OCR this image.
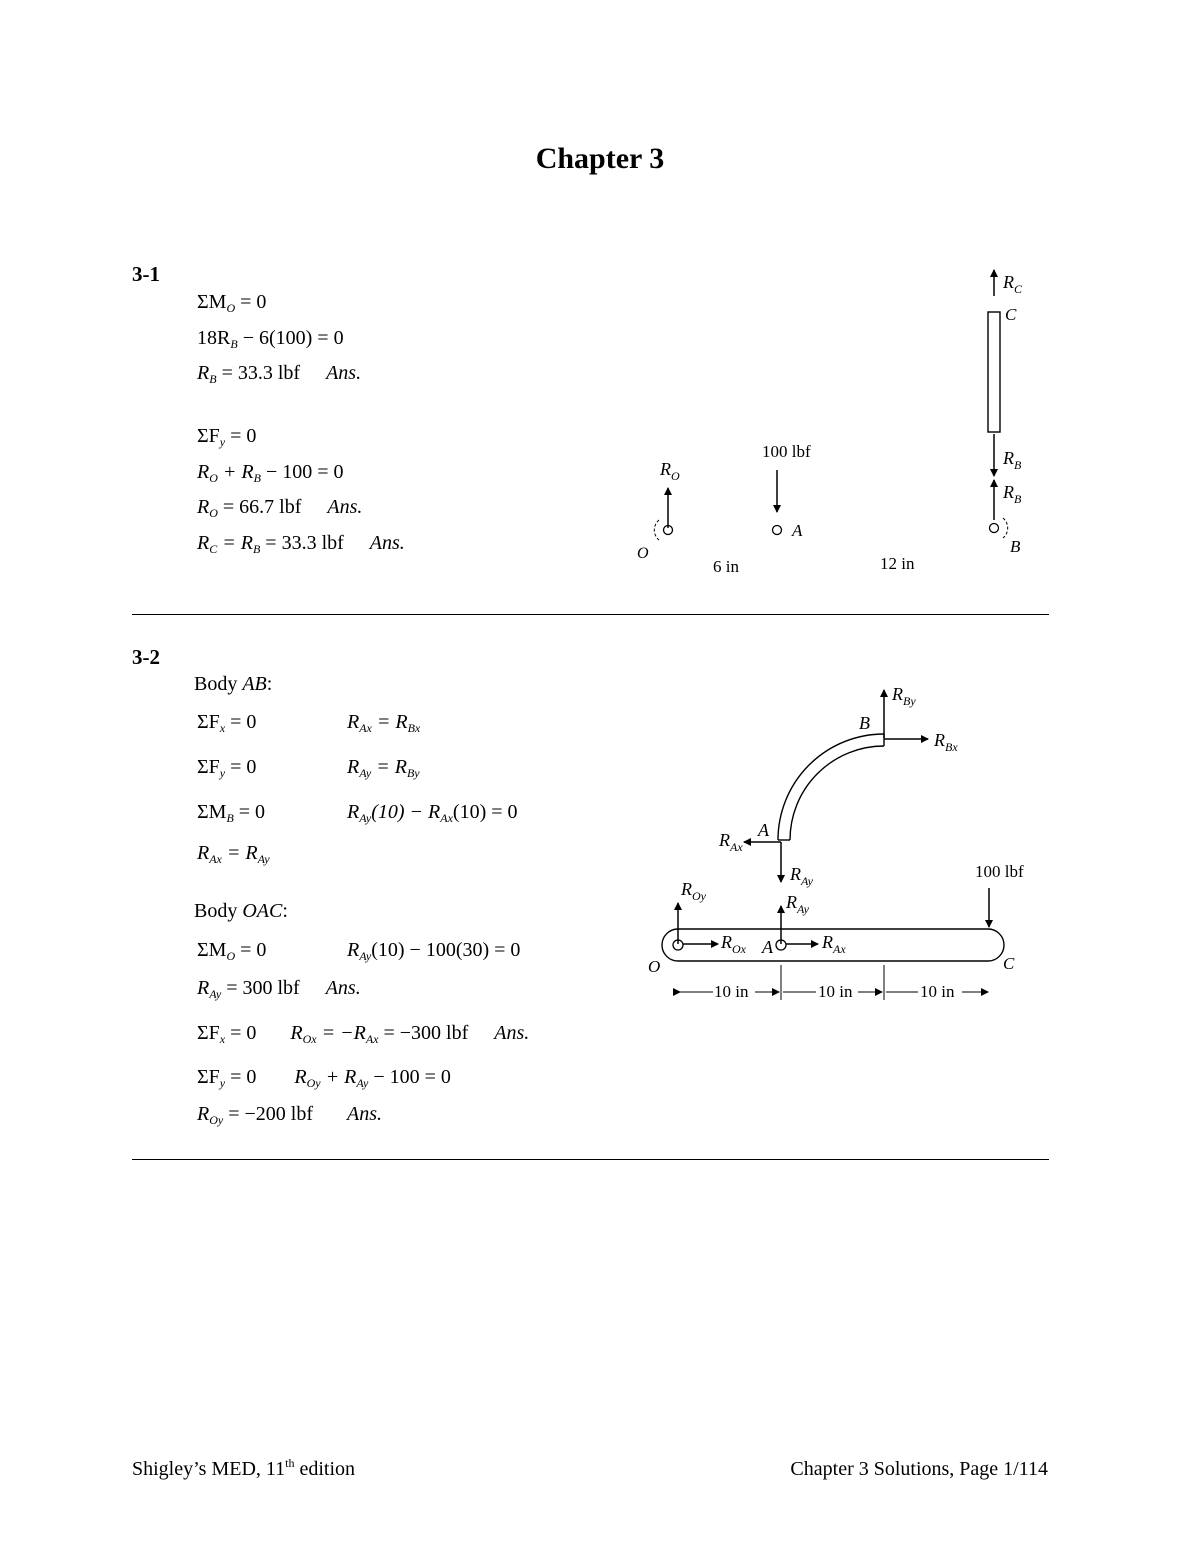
Chapter 3
3-1
$\Sigma M_O = 0$
$18R_B - 6(100) = 0$
$R_B = 33.3$ lbf Ans.
$\Sigma F_y = 0$
$R_O + R_B - 100 = 0$
$R_O = 66.7$ lbf Ans.
$R_C = R_B = 33.3$ lbf Ans.
100 lbf
A
$R_O$
O
6 in	12 in
$R_C$
C
$R_B$
$R_B$
B
3-2
Body AB:
$\Sigma F_x = 0$	$R_{Ax} = R_{Bx}$
$\Sigma F_y = 0$	$R_{Ay} = R_{By}$
$\Sigma M_B = 0$	$R_{Ay}(10) - R_{Ax}(10) = 0$
$R_{Ax} = R_{Ay}$
Body OAC:
$\Sigma M_O = 0$	$R_{Ay}(10) - 100(30) = 0$
$R_{Ay} = 300$ lbf Ans.
$\Sigma F_x = 0$ $R_{Ox} = -R_{Ax} = -300$ lbf Ans.
$\Sigma F_y = 0$ $R_{Oy} + R_{Ay} - 100 = 0$
$R_{Oy} = -200$ lbf Ans.
B
$R_{By}$
$R_{Bx}$
A
$R_{Ax}$
$R_{Ay}$	100 lbf
C
O
$R_{Oy}$
$R_{Ox}$ A
$R_{Ay}$
$R_{Ax}$
10 in	10 in	10 in
Shigley’s MED, 11th edition	Chapter 3 Solutions, Page 1/114
